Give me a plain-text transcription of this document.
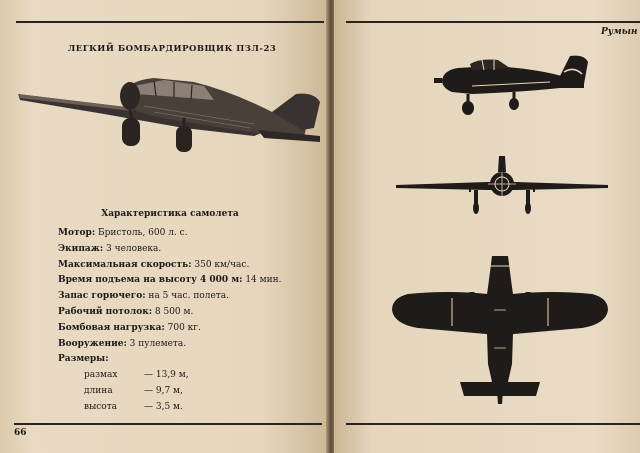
ЛЕГКИЙ БОМБАРДИРОВЩИК ПЗЛ-23
Характеристика самолета
Мотор: Бристоль, 600 л. с.
Экипаж: 3 человека.
Максимальная скорость: 350 км/час.
Время подъема на высоту 4 000 м: 14 мин.
Запас горючего: на 5 час. полета.
Рабочий потолок: 8 500 м.
Бомбовая нагрузка: 700 кг.
Вооружение: 3 пулемета.
Размеры:
размах	— 13,9 м,
длина	— 9,7 м,
высота	— 3,5 м.
66
Румын
